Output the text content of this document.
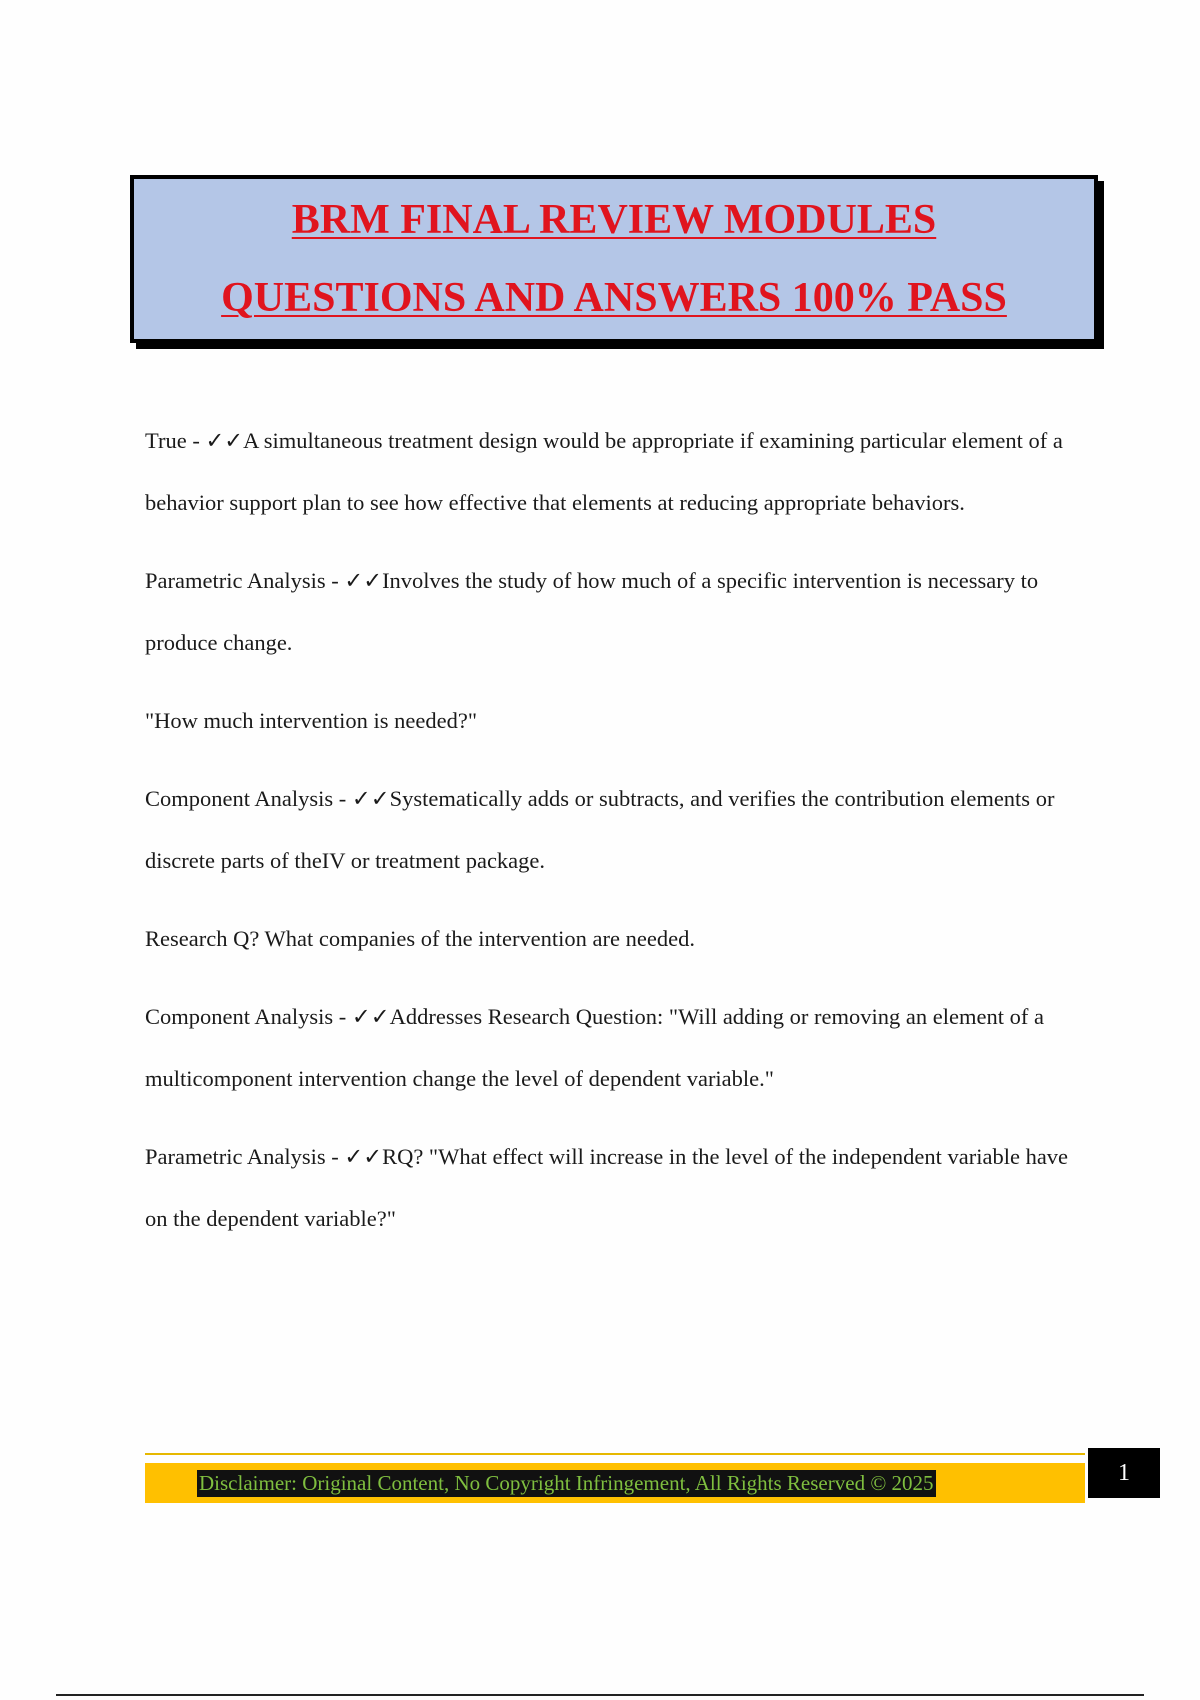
BRM FINAL REVIEW MODULES
QUESTIONS AND ANSWERS 100% PASS

True - ✓✓A simultaneous treatment design would be appropriate if examining particular element of a behavior support plan to see how effective that elements at reducing appropriate behaviors.

Parametric Analysis - ✓✓Involves the study of how much of a specific intervention is necessary to produce change.

"How much intervention is needed?"

Component Analysis - ✓✓Systematically adds or subtracts, and verifies the contribution elements or discrete parts of theIV or treatment package.

Research Q? What companies of the intervention are needed.

Component Analysis - ✓✓Addresses Research Question: "Will adding or removing an element of a multicomponent intervention change the level of dependent variable."

Parametric Analysis - ✓✓RQ? "What effect will increase in the level of the independent variable have on the dependent variable?"

Disclaimer: Original Content, No Copyright Infringement, All Rights Reserved © 2025	1
